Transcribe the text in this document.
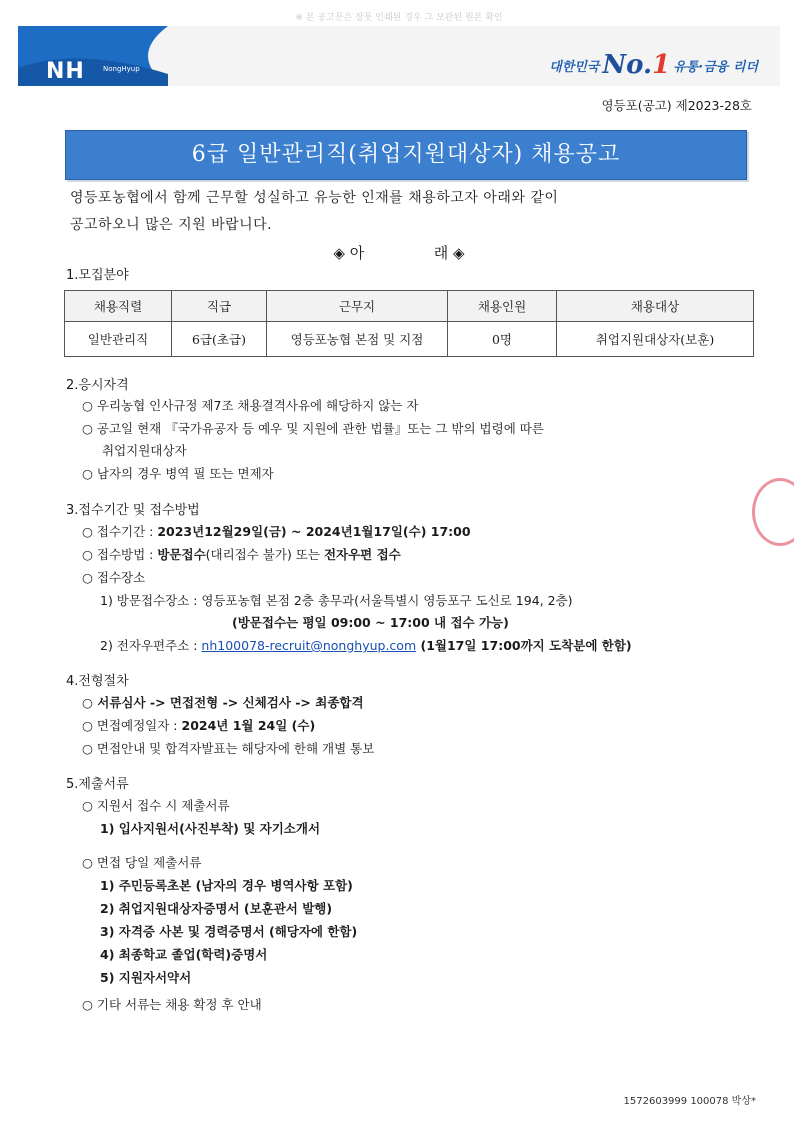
※ 본 공고문은 잘못 인쇄된 경우 그 보관된 원본 확인
NH	NongHyup	대한민국 No.1 유통·금융 리더
영등포(공고) 제2023-28호
6급 일반관리직(취업지원대상자) 채용공고
영등포농협에서 함께 근무할 성실하고 유능한 인재를 채용하고자 아래와 같이
공고하오니 많은 지원 바랍니다.
◈ 아	래 ◈
1.모집분야
채용직렬	직급	근무지	채용인원	채용대상
일반관리직	6급(초급)	영등포농협 본점 및 지점	0명	취업지원대상자(보훈)
2.응시자격
○ 우리농협 인사규정 제7조 채용결격사유에 해당하지 않는 자
○ 공고일 현재 『국가유공자 등 예우 및 지원에 관한 법률』또는 그 밖의 법령에 따른
취업지원대상자
○ 남자의 경우 병역 필 또는 면제자
3.접수기간 및 접수방법
○ 접수기간 : 2023년12월29일(금) ~ 2024년1월17일(수) 17:00
○ 접수방법 : 방문접수(대리접수 불가) 또는 전자우편 접수
○ 접수장소
1) 방문접수장소 : 영등포농협 본점 2층 총무과(서울특별시 영등포구 도신로 194, 2층)
(방문접수는 평일 09:00 ~ 17:00 내 접수 가능)
2) 전자우편주소 : nh100078-recruit@nonghyup.com (1월17일 17:00까지 도착분에 한함)
4.전형절차
○ 서류심사 -> 면접전형 -> 신체검사 -> 최종합격
○ 면접예정일자 : 2024년 1월 24일 (수)
○ 면접안내 및 합격자발표는 해당자에 한해 개별 통보
5.제출서류
○ 지원서 접수 시 제출서류
1) 입사지원서(사진부착) 및 자기소개서
○ 면접 당일 제출서류
1) 주민등록초본 (남자의 경우 병역사항 포함)
2) 취업지원대상자증명서 (보훈관서 발행)
3) 자격증 사본 및 경력증명서 (해당자에 한함)
4) 최종학교 졸업(학력)증명서
5) 지원자서약서
○ 기타 서류는 채용 확정 후 안내
1572603999 100078 박상*
